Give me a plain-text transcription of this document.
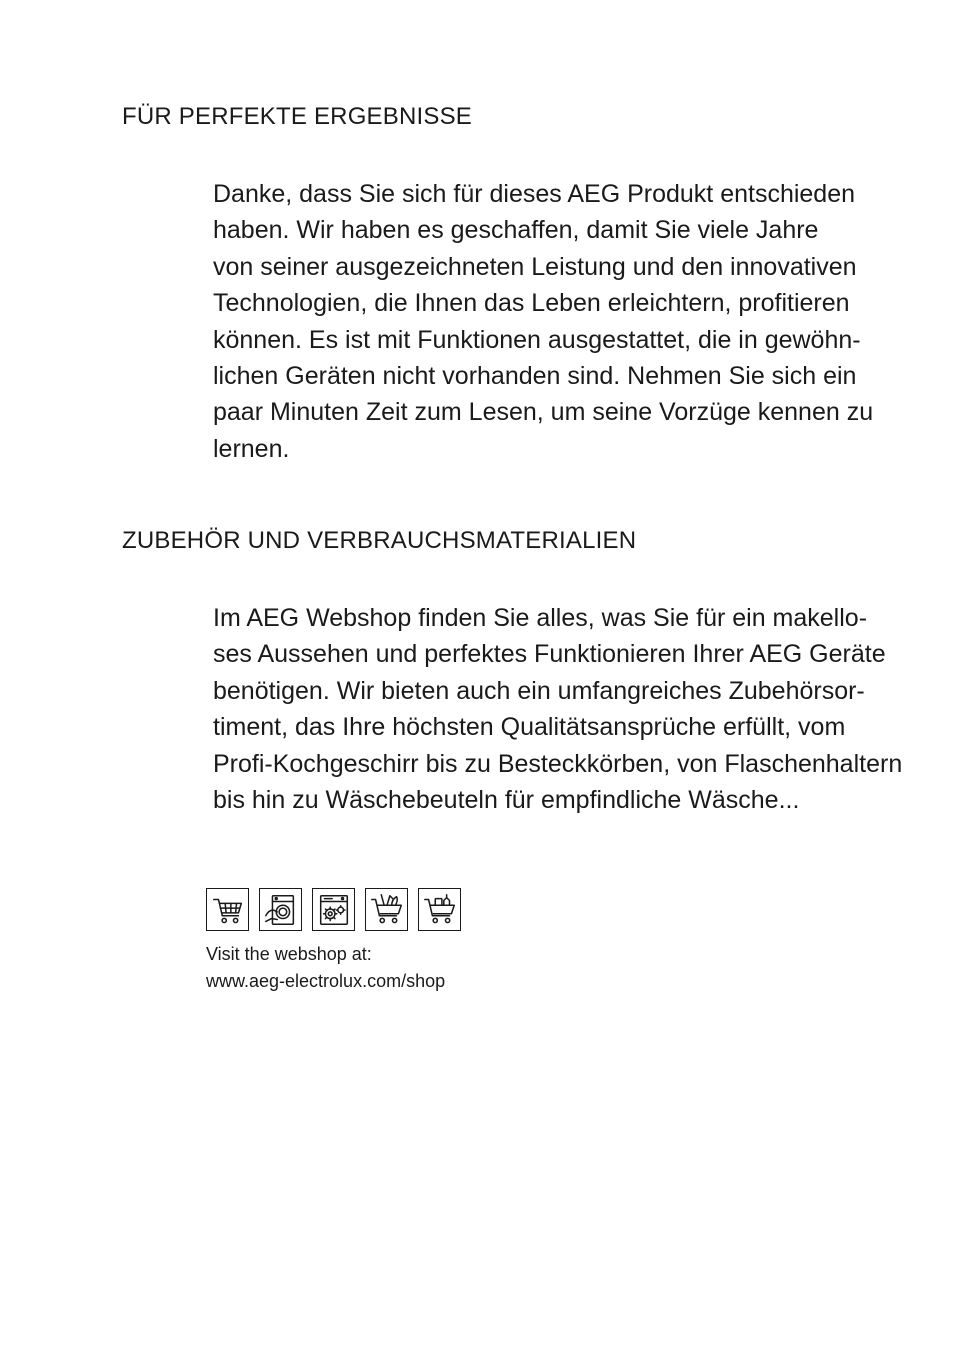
FÜR PERFEKTE ERGEBNISSE

Danke, dass Sie sich für dieses AEG Produkt entschieden
haben. Wir haben es geschaffen, damit Sie viele Jahre
von seiner ausgezeichneten Leistung und den innovativen
Technologien, die Ihnen das Leben erleichtern, profitieren
können. Es ist mit Funktionen ausgestattet, die in gewöhn-
lichen Geräten nicht vorhanden sind. Nehmen Sie sich ein
paar Minuten Zeit zum Lesen, um seine Vorzüge kennen zu
lernen.

ZUBEHÖR UND VERBRAUCHSMATERIALIEN

Im AEG Webshop finden Sie alles, was Sie für ein makello-
ses Aussehen und perfektes Funktionieren Ihrer AEG Geräte
benötigen. Wir bieten auch ein umfangreiches Zubehörsor-
timent, das Ihre höchsten Qualitätsansprüche erfüllt, vom
Profi-Kochgeschirr bis zu Besteckkörben, von Flaschenhaltern
bis hin zu Wäschebeuteln für empfindliche Wäsche...

Visit the webshop at:
www.aeg-electrolux.com/shop
